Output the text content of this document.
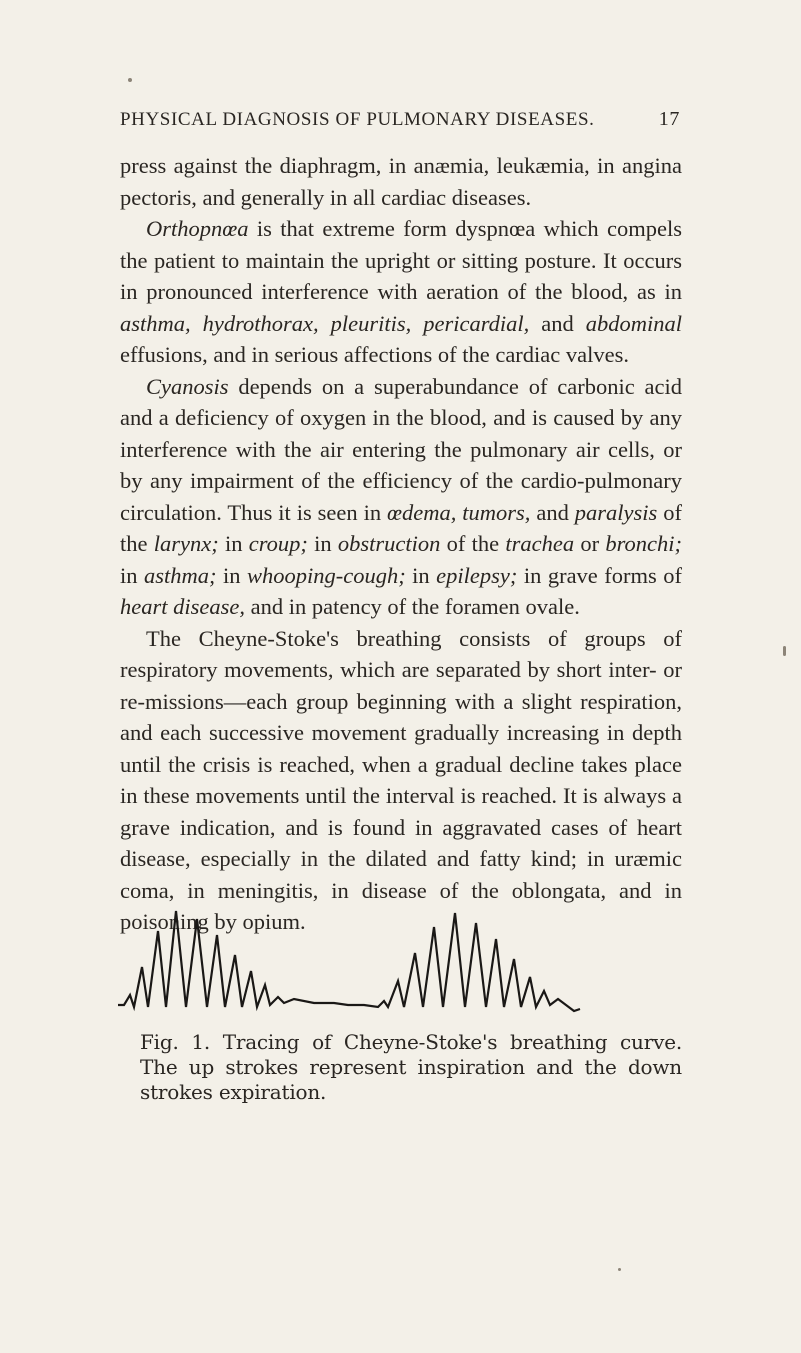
PHYSICAL DIAGNOSIS OF PULMONARY DISEASES.	17

press against the diaphragm, in anæmia, leukæmia, in angina pectoris, and generally in all cardiac diseases.

Orthopnœa is that extreme form dyspnœa which compels the patient to maintain the upright or sitting posture. It occurs in pronounced interference with aeration of the blood, as in asthma, hydrothorax, pleuritis, pericardial, and abdominal effusions, and in serious affections of the cardiac valves.

Cyanosis depends on a superabundance of carbonic acid and a deficiency of oxygen in the blood, and is caused by any interference with the air entering the pulmonary air cells, or by any impairment of the efficiency of the cardio-pulmonary circulation. Thus it is seen in œdema, tumors, and paralysis of the larynx; in croup; in obstruction of the trachea or bronchi; in asthma; in whooping-cough; in epilepsy; in grave forms of heart disease, and in patency of the foramen ovale.

The Cheyne-Stoke's breathing consists of groups of respiratory movements, which are separated by short inter- or re-missions—each group beginning with a slight respiration, and each successive movement gradually increasing in depth until the crisis is reached, when a gradual decline takes place in these movements until the interval is reached. It is always a grave indication, and is found in aggravated cases of heart disease, especially in the dilated and fatty kind; in uræmic coma, in meningitis, in disease of the oblongata, and in poisoning by opium.

Fig. 1. Tracing of Cheyne-Stoke's breathing curve. The up strokes represent inspiration and the down strokes expiration.
